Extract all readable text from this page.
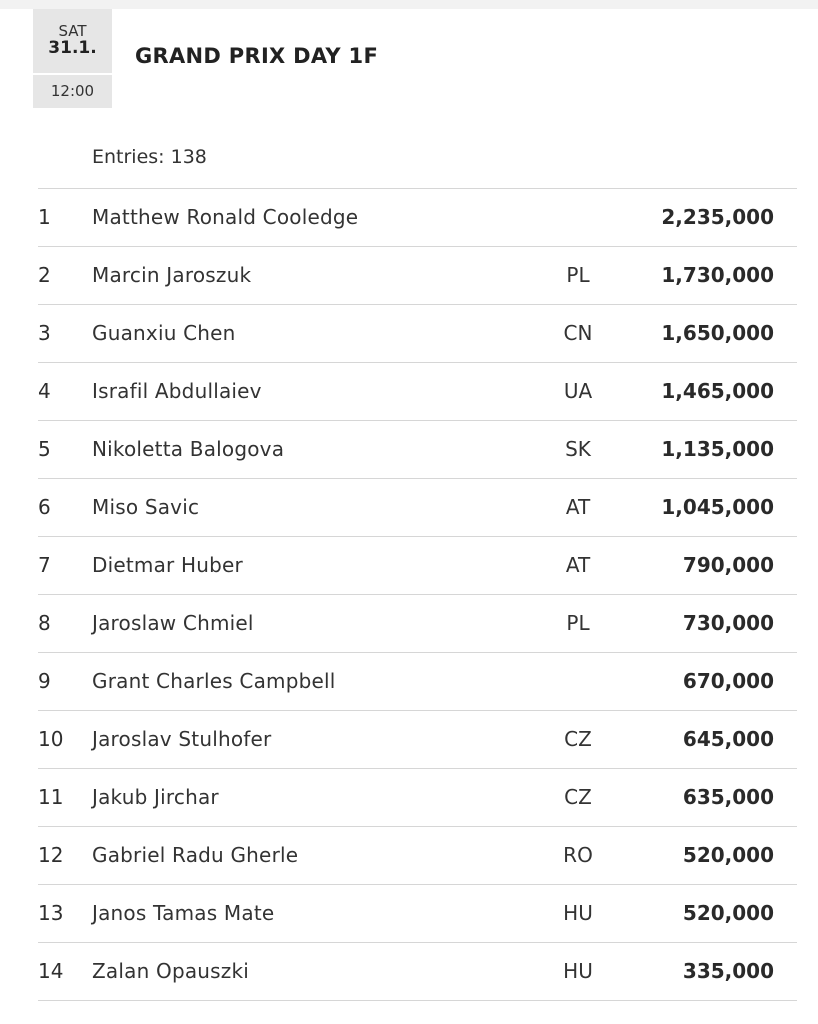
SAT
31.1.
12:00
GRAND PRIX DAY 1F
Entries: 138
1 Matthew Ronald Cooledge	2,235,000
2 Marcin Jaroszuk	PL	1,730,000
3 Guanxiu Chen	CN	1,650,000
4 Israfil Abdullaiev	UA	1,465,000
5 Nikoletta Balogova	SK	1,135,000
6 Miso Savic	AT	1,045,000
7 Dietmar Huber	AT	790,000
8 Jaroslaw Chmiel	PL	730,000
9 Grant Charles Campbell	670,000
10 Jaroslav Stulhofer	CZ	645,000
11 Jakub Jirchar	CZ	635,000
12 Gabriel Radu Gherle	RO	520,000
13 Janos Tamas Mate	HU	520,000
14 Zalan Opauszki	HU	335,000
